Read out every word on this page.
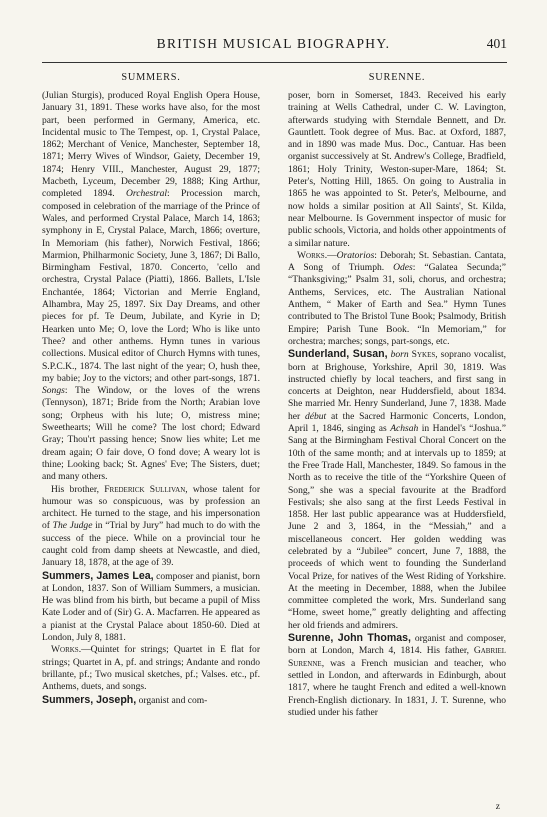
BRITISH MUSICAL BIOGRAPHY.	401
SUMMERS.

(Julian Sturgis), produced Royal English Opera House, January 31, 1891. These works have also, for the most part, been performed in Germany, America, etc. Incidental music to The Tempest, op. 1, Crystal Palace, 1862; Merchant of Venice, Manchester, September 18, 1871; Merry Wives of Windsor, Gaiety, December 19, 1874; Henry VIII., Manchester, August 29, 1877; Macbeth, Lyceum, December 29, 1888; King Arthur, completed 1894. Orchestral: Procession march, composed in celebration of the marriage of the Prince of Wales, and performed Crystal Palace, March 14, 1863; symphony in E, Crystal Palace, March, 1866; overture, In Memoriam (his father), Norwich Festival, 1866; Marmion, Philharmonic Society, June 3, 1867; Di Ballo, Birmingham Festival, 1870. Concerto, 'cello and orchestra, Crystal Palace (Piatti), 1866. Ballets, L'Isle Enchantée, 1864; Victorian and Merrie England, Alhambra, May 25, 1897. Six Day Dreams, and other pieces for pf. Te Deum, Jubilate, and Kyrie in D; Hearken unto Me; O, love the Lord; Who is like unto Thee? and other anthems. Hymn tunes in various collections. Musical editor of Church Hymns with tunes, S.P.C.K., 1874. The last night of the year; O, hush thee, my babie; Joy to the victors; and other part-songs, 1871. Songs: The Window, or the loves of the wrens (Tennyson), 1871; Bride from the North; Arabian love song; Orpheus with his lute; O, mistress mine; Sweethearts; Will he come? The lost chord; Edward Gray; Thou'rt passing hence; Snow lies white; Let me dream again; O fair dove, O fond dove; A weary lot is thine; Looking back; St. Agnes' Eve; The Sisters, duet; and many others.

His brother, Frederick Sullivan, whose talent for humour was so conspicuous, was by profession an architect. He turned to the stage, and his impersonation of The Judge in “Trial by Jury” had much to do with the success of the piece. While on a provincial tour he caught cold from damp sheets at Newcastle, and died, January 18, 1878, at the age of 39.

Summers, James Lea, composer and pianist, born at London, 1837. Son of William Summers, a musician. He was blind from his birth, but became a pupil of Miss Kate Loder and of (Sir) G. A. Macfarren. He appeared as a pianist at the Crystal Palace about 1850-60. Died at London, July 8, 1881.

Works.—Quintet for strings; Quartet in E flat for strings; Quartet in A, pf. and strings; Andante and rondo brillante, pf.; Two musical sketches, pf.; Valses. etc., pf. Anthems, duets, and songs.

Summers, Joseph, organist and com-

SURENNE.

poser, born in Somerset, 1843. Received his early training at Wells Cathedral, under C. W. Lavington, afterwards studying with Sterndale Bennett, and Dr. Gauntlett. Took degree of Mus. Bac. at Oxford, 1887, and in 1890 was made Mus. Doc., Cantuar. Has been organist successively at St. Andrew's College, Bradfield, 1861; Holy Trinity, Weston-super-Mare, 1864; St. Peter's, Notting Hill, 1865. On going to Australia in 1865 he was appointed to St. Peter's, Melbourne, and now holds a similar position at All Saints', St. Kilda, near Melbourne. Is Government inspector of music for public schools, Victoria, and holds other appointments of a similar nature.

Works.—Oratorios: Deborah; St. Sebastian. Cantata, A Song of Triumph. Odes: “Galatea Secunda;” “Thanksgiving;” Psalm 31, soli, chorus, and orchestra; Anthems, Services, etc. The Australian National Anthem, “ Maker of Earth and Sea.” Hymn Tunes contributed to The Bristol Tune Book; Psalmody, British Empire; Parish Tune Book. “In Memoriam,” for orchestra; marches; songs, part-songs, etc.

Sunderland, Susan, born Sykes, soprano vocalist, born at Brighouse, Yorkshire, April 30, 1819. Was instructed chiefly by local teachers, and first sang in concerts at Deighton, near Huddersfield, about 1834. She married Mr. Henry Sunderland, June 7, 1838. Made her début at the Sacred Harmonic Concerts, London, April 1, 1846, singing as Achsah in Handel's “Joshua.” Sang at the Birmingham Festival Choral Concert on the 10th of the same month; and at intervals up to 1859; at the Free Trade Hall, Manchester, 1849. So famous in the North as to receive the title of the “Yorkshire Queen of Song,” she was a special favourite at the Bradford Festivals; she also sang at the first Leeds Festival in 1858. Her last public appearance was at Huddersfield, June 2 and 3, 1864, in the “Messiah,” and a miscellaneous concert. Her golden wedding was celebrated by a “Jubilee” concert, June 7, 1888, the proceeds of which went to founding the Sunderland Vocal Prize, for natives of the West Riding of Yorkshire. At the meeting in December, 1888, when the Jubilee committee completed the work, Mrs. Sunderland sang “Home, sweet home,” greatly delighting and affecting her old friends and admirers.

Surenne, John Thomas, organist and composer, born at London, March 4, 1814. His father, Gabriel Surenne, was a French musician and teacher, who settled in London, and afterwards in Edinburgh, about 1817, where he taught French and edited a well-known French-English dictionary. In 1831, J. T. Surenne, who studied under his father

z
